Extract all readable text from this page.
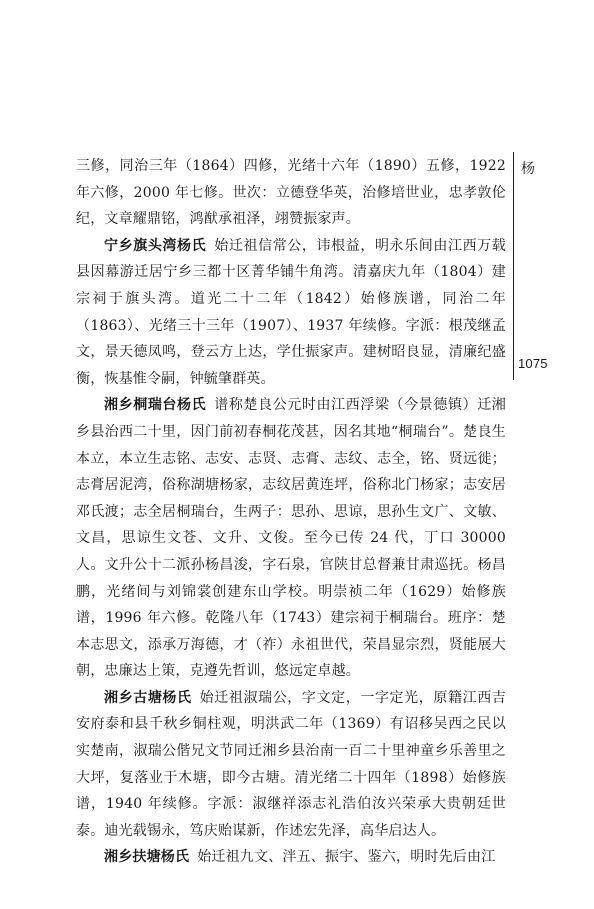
三修，同治三年（1864）四修，光绪十六年（1890）五修，1922 年六修，2000 年七修。世次：立德登华英，治修培世业，忠孝敦伦纪，文章耀鼎铭，鸿猷承祖泽，翊赞振家声。

宁乡旗头湾杨氏 始迁祖信常公，讳根益，明永乐间由江西万载县因幕游迁居宁乡三都十区菁华铺牛角湾。清嘉庆九年（1804）建宗祠于旗头湾。道光二十二年（1842）始修族谱，同治二年（1863）、光绪三十三年（1907）、1937 年续修。字派：根茂继孟文，景天德凤鸣，登云方上达，学仕振家声。建树昭良显，清廉纪盛衡，恢基惟令嗣，钟毓肇群英。

湘乡桐瑞台杨氏 谱称楚良公元时由江西浮梁（今景德镇）迁湘乡县治西二十里，因门前初春桐花茂甚，因名其地“桐瑞台”。楚良生本立，本立生志铭、志安、志贤、志膏、志纹、志全，铭、贤远徙；志膏居泥湾，俗称湖塘杨家，志纹居黄连坪，俗称北门杨家；志安居邓氏渡；志全居桐瑞台，生两子：思孙、思谅，思孙生文广、文敏、文昌，思谅生文苍、文升、文俊。至今已传 24 代，丁口 30000 人。文升公十二派孙杨昌浚，字石泉，官陕甘总督兼甘肃巡抚。杨昌鹏，光绪间与刘锦裳创建东山学校。明崇祯二年（1629）始修族谱，1996 年六修。乾隆八年（1743）建宗祠于桐瑞台。班序：楚本志思文，添承万海德，才（祚）永祖世代，荣昌显宗烈，贤能展大朝，忠廉达上策，克遵先哲训，悠远定卓越。

湘乡古塘杨氏 始迁祖淑瑞公，字文定，一字定光，原籍江西吉安府泰和县千秋乡铜柱观，明洪武二年（1369）有诏移吴西之民以实楚南，淑瑞公偕兄文节同迁湘乡县治南一百二十里神童乡乐善里之大坪，复落业于木塘，即今古塘。清光绪二十四年（1898）始修族谱，1940 年续修。字派：淑继祥添志礼浩伯汝兴荣承大贵朝廷世泰。迪光载锡永，笃庆贻谋新，作述宏先泽，高华启达人。

湘乡扶塘杨氏 始迁祖九文、泮五、振宇、鉴六，明时先后由江

杨
1075
